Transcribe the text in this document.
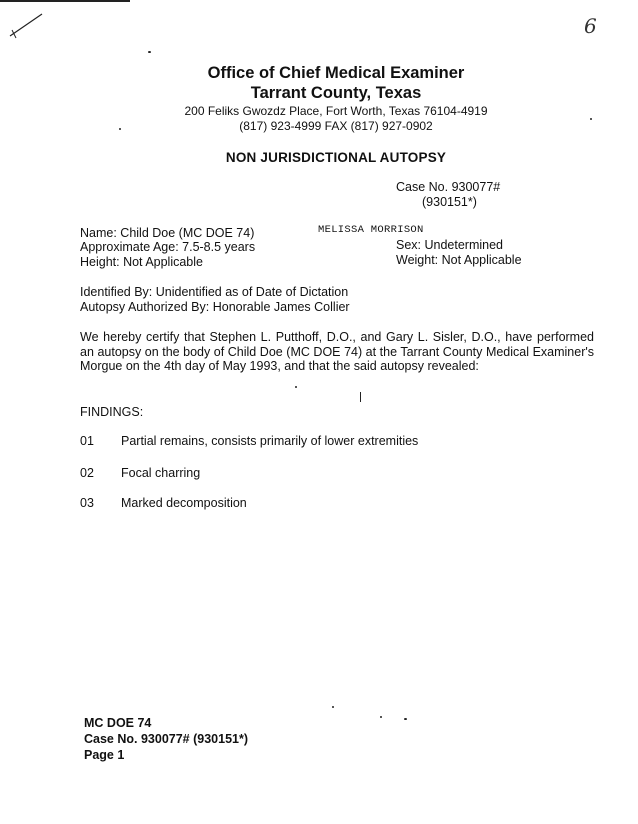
6
Office of Chief Medical Examiner
Tarrant County, Texas
200 Feliks Gwozdz Place, Fort Worth, Texas 76104-4919
(817) 923-4999 FAX (817) 927-0902
NON JURISDICTIONAL AUTOPSY
Case No. 930077#
(930151*)
Name: Child Doe (MC DOE 74)	MELISSA MORRISON
Approximate Age: 7.5-8.5 years	Sex: Undetermined
Height: Not Applicable	Weight: Not Applicable
Identified By: Unidentified as of Date of Dictation
Autopsy Authorized By: Honorable James Collier
We hereby certify that Stephen L. Putthoff, D.O., and Gary L. Sisler, D.O., have performed an autopsy on the body of Child Doe (MC DOE 74) at the Tarrant County Medical Examiner's Morgue on the 4th day of May 1993, and that the said autopsy revealed:
FINDINGS:
01 Partial remains, consists primarily of lower extremities
02 Focal charring
03 Marked decomposition
MC DOE 74
Case No. 930077# (930151*)
Page 1
